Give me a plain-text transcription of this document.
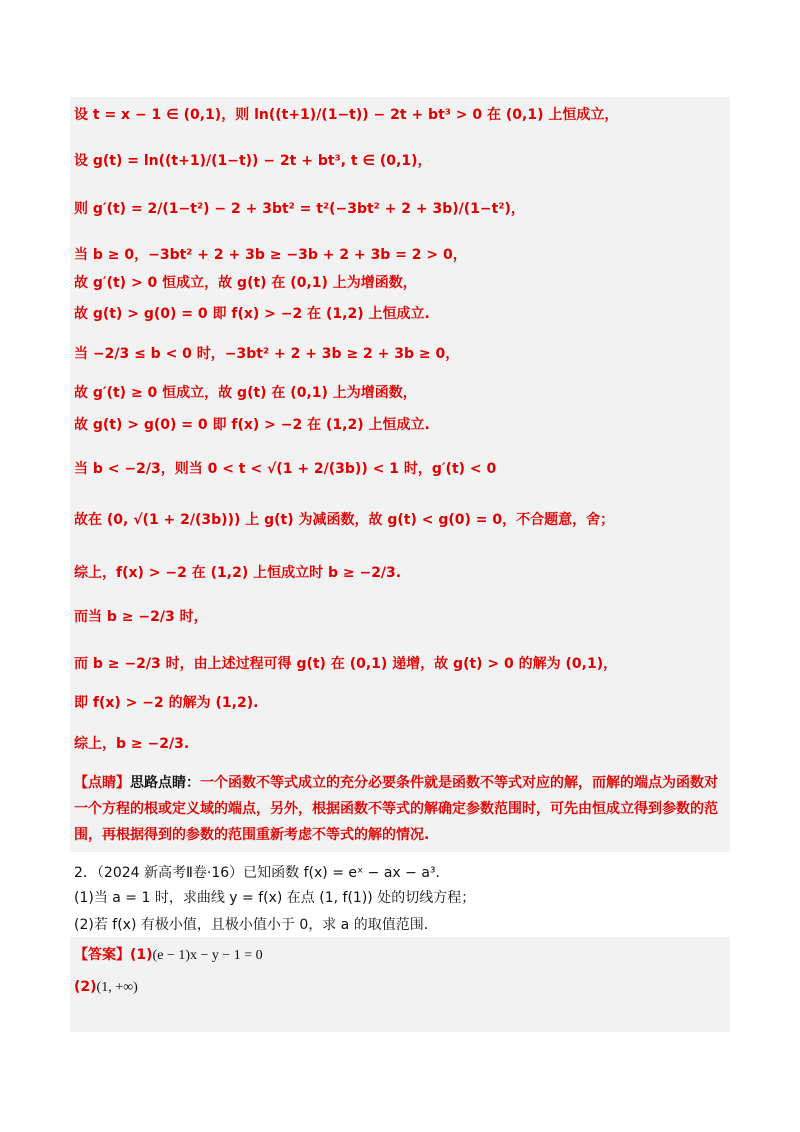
设 t = x − 1 ∈ (0,1)，则 ln((t+1)/(1−t)) − 2t + bt³ > 0 在 (0,1) 上恒成立，
设 g(t) = ln((t+1)/(1−t)) − 2t + bt³, t ∈ (0,1)，
则 g′(t) = 2/(1−t²) − 2 + 3bt² = t²(−3bt² + 2 + 3b)/(1−t²)，
当 b ≥ 0，−3bt² + 2 + 3b ≥ −3b + 2 + 3b = 2 > 0，
故 g′(t) > 0 恒成立，故 g(t) 在 (0,1) 上为增函数，
故 g(t) > g(0) = 0 即 f(x) > −2 在 (1,2) 上恒成立.
当 −2/3 ≤ b < 0 时，−3bt² + 2 + 3b ≥ 2 + 3b ≥ 0，
故 g′(t) ≥ 0 恒成立，故 g(t) 在 (0,1) 上为增函数，
故 g(t) > g(0) = 0 即 f(x) > −2 在 (1,2) 上恒成立.
当 b < −2/3，则当 0 < t < √(1 + 2/(3b)) < 1 时，g′(t) < 0
故在 (0, √(1 + 2/(3b))) 上 g(t) 为减函数，故 g(t) < g(0) = 0，不合题意，舍；
综上，f(x) > −2 在 (1,2) 上恒成立时 b ≥ −2/3.
而当 b ≥ −2/3 时，
而 b ≥ −2/3 时，由上述过程可得 g(t) 在 (0,1) 递增，故 g(t) > 0 的解为 (0,1)，
即 f(x) > −2 的解为 (1,2).
综上，b ≥ −2/3.
【点睛】思路点睛：一个函数不等式成立的充分必要条件就是函数不等式对应的解，而解的端点为函数对一个方程的根或定义域的端点，另外，根据函数不等式的解确定参数范围时，可先由恒成立得到参数的范围，再根据得到的参数的范围重新考虑不等式的解的情况.
2．（2024 新高考Ⅱ卷·16）已知函数 f(x) = eˣ − ax − a³．
(1)当 a = 1 时，求曲线 y = f(x) 在点 (1, f(1)) 处的切线方程；
(2)若 f(x) 有极小值，且极小值小于 0，求 a 的取值范围．
【答案】(1)(e − 1)x − y − 1 = 0
(2)(1, +∞)
